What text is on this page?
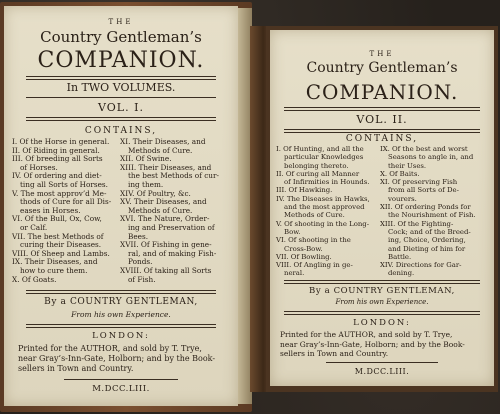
THE
Country Gentleman’s
COMPANION.
In TWO VOLUMES.
VOL. I.
CONTAINS,
I. Of the Horse in general.
II. Of Riding in general.
III. Of breeding all Sorts
of Horses.
IV. Of ordering and diet-
ting all Sorts of Horses.
V. The most approv’d Me-
thods of Cure for all Dis-
eases in Horses.
VI. Of the Bull, Ox, Cow,
or Calf.
VII. The best Methods of
curing their Diseases.
VIII. Of Sheep and Lambs.
IX. Their Diseases, and
how to cure them.
X. Of Goats.
XI. Their Diseases, and
Methods of Cure.
XII. Of Swine.
XIII. Their Diseases, and
the best Methods of cur-
ing them.
XIV. Of Poultry, &c.
XV. Their Diseases, and
Methods of Cure.
XVI. The Nature, Order-
ing and Preservation of
Bees.
XVII. Of Fishing in gene-
ral, and of making Fish-
Ponds.
XVIII. Of taking all Sorts
of Fish.
By a COUNTRY GENTLEMAN,
From his own Experience.
LONDON:
Printed for the AUTHOR, and sold by T. Trye,
near Gray’s-Inn-Gate, Holborn; and by the Book-
sellers in Town and Country.
M.DCC.LIII.
THE
Country Gentleman’s
COMPANION.
VOL. II.
CONTAINS,
I. Of Hunting, and all the
particular Knowledges
belonging thereto.
II. Of curing all Manner
of Infirmities in Hounds.
III. Of Hawking.
IV. The Diseases in Hawks,
and the most approved
Methods of Cure.
V. Of shooting in the Long-
Bow.
VI. Of shooting in the
Cross-Bow.
VII. Of Bowling.
VIII. Of Angling in ge-
neral.
IX. Of the best and worst
Seasons to angle in, and
their Uses.
X. Of Baits.
XI. Of preserving Fish
from all Sorts of De-
vourers.
XII. Of ordering Ponds for
the Nourishment of Fish.
XIII. Of the Fighting-
Cock; and of the Breed-
ing, Choice, Ordering,
and Dieting of him for
Battle.
XIV. Directions for Gar-
dening.
By a COUNTRY GENTLEMAN,
From his own Experience.
LONDON:
Printed for the AUTHOR, and sold by T. Trye,
near Gray’s-Inn-Gate, Holborn; and by the Book-
sellers in Town and Country.
M.DCC.LIII.
